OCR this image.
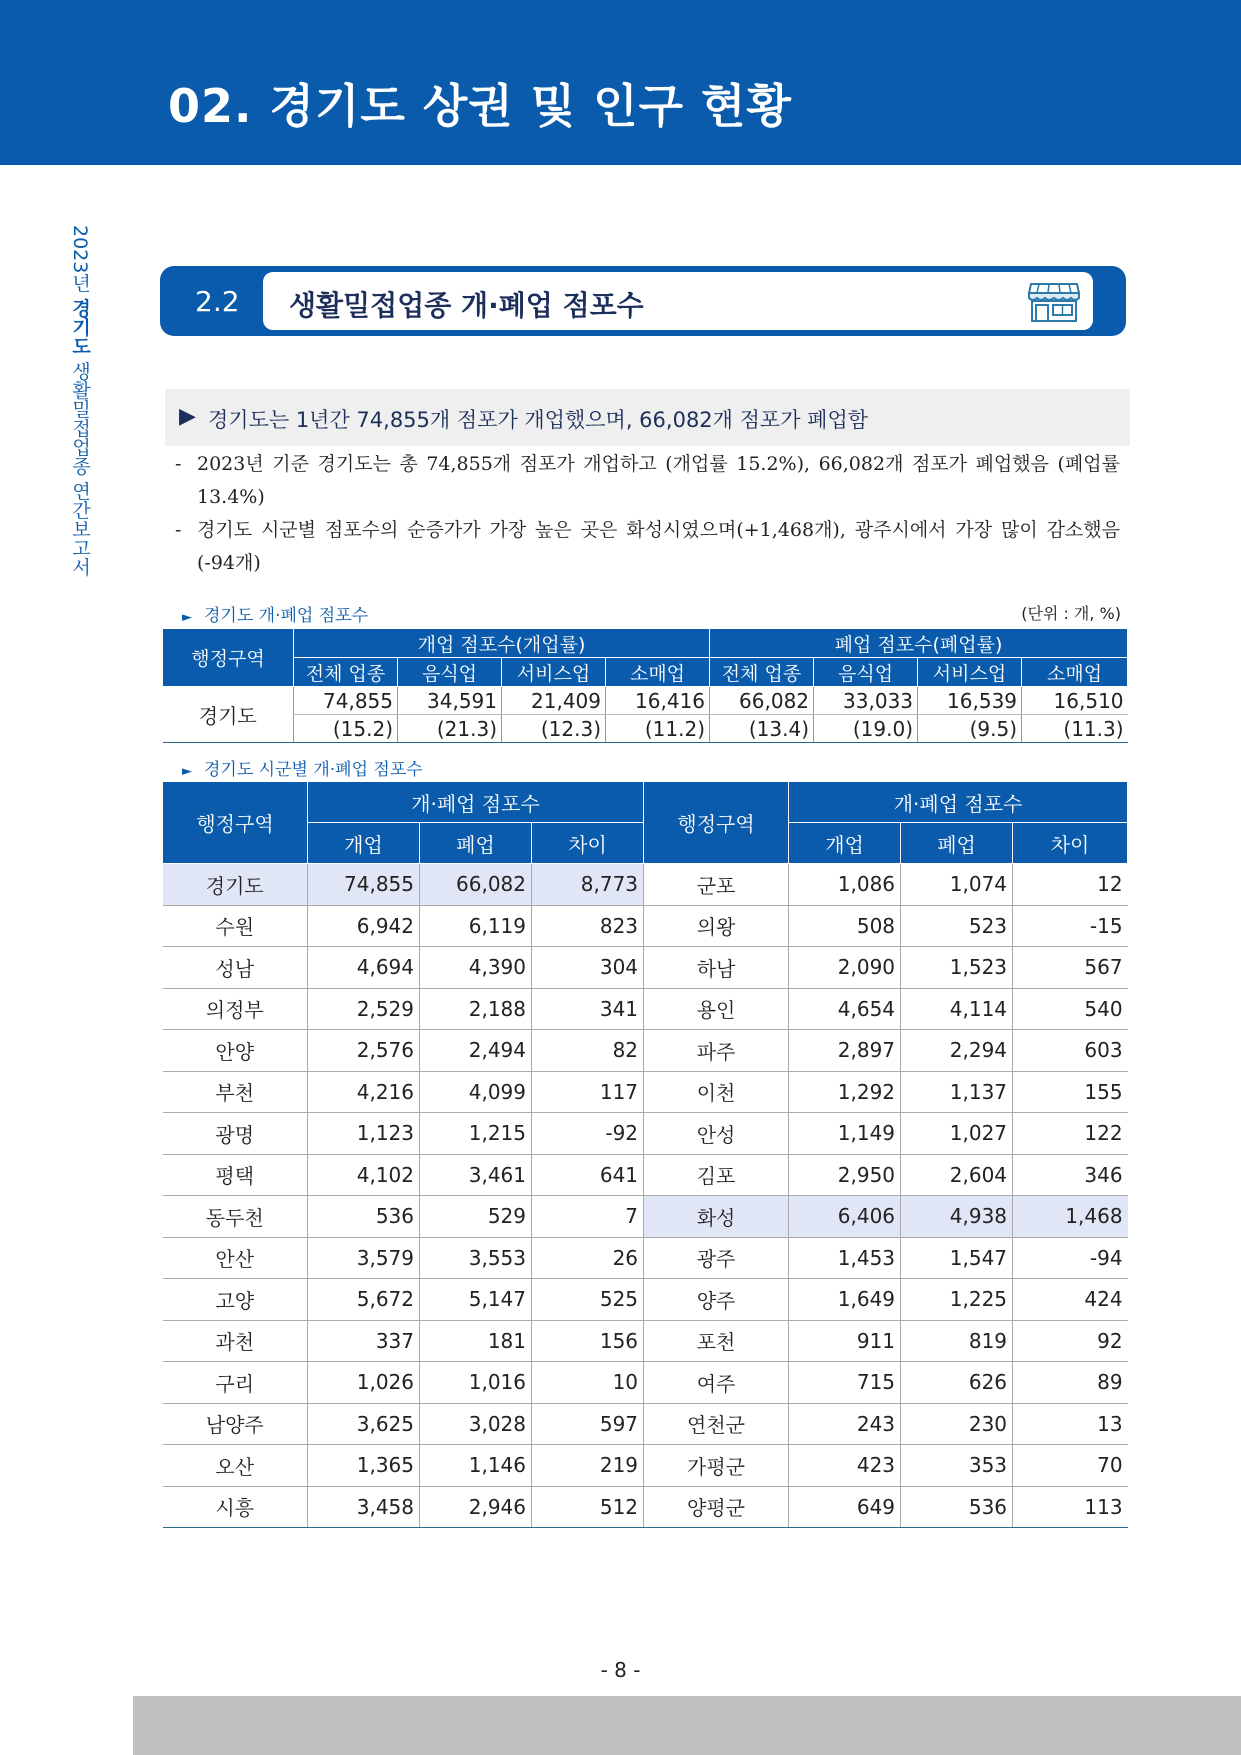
02. 경기도 상권 및 인구 현황
2023년 경기도 생활밀접업종 연간보고서
2.2 생활밀접업종 개·폐업 점포수
▶ 경기도는 1년간 74,855개 점포가 개업했으며, 66,082개 점포가 폐업함
- 2023년 기준 경기도는 총 74,855개 점포가 개업하고 (개업률 15.2%), 66,082개 점포가 폐업했음 (폐업률 13.4%)
- 경기도 시군별 점포수의 순증가가 가장 높은 곳은 화성시였으며(+1,468개), 광주시에서 가장 많이 감소했음(-94개)
► 경기도 개·폐업 점포수	(단위 : 개, %)
행정구역	개업 점포수(개업률)				폐업 점포수(폐업률)			
	전체 업종	음식업	서비스업	소매업	전체 업종	음식업	서비스업	소매업
경기도	74,855	34,591	21,409	16,416	66,082	33,033	16,539	16,510
	(15.2)	(21.3)	(12.3)	(11.2)	(13.4)	(19.0)	(9.5)	(11.3)
► 경기도 시군별 개·폐업 점포수
행정구역	개·폐업 점포수			행정구역	개·폐업 점포수		
	개업	폐업	차이		개업	폐업	차이
경기도	74,855	66,082	8,773	군포	1,086	1,074	12
수원	6,942	6,119	823	의왕	508	523	-15
성남	4,694	4,390	304	하남	2,090	1,523	567
의정부	2,529	2,188	341	용인	4,654	4,114	540
안양	2,576	2,494	82	파주	2,897	2,294	603
부천	4,216	4,099	117	이천	1,292	1,137	155
광명	1,123	1,215	-92	안성	1,149	1,027	122
평택	4,102	3,461	641	김포	2,950	2,604	346
동두천	536	529	7	화성	6,406	4,938	1,468
안산	3,579	3,553	26	광주	1,453	1,547	-94
고양	5,672	5,147	525	양주	1,649	1,225	424
과천	337	181	156	포천	911	819	92
구리	1,026	1,016	10	여주	715	626	89
남양주	3,625	3,028	597	연천군	243	230	13
오산	1,365	1,146	219	가평군	423	353	70
시흥	3,458	2,946	512	양평군	649	536	113
- 8 -
